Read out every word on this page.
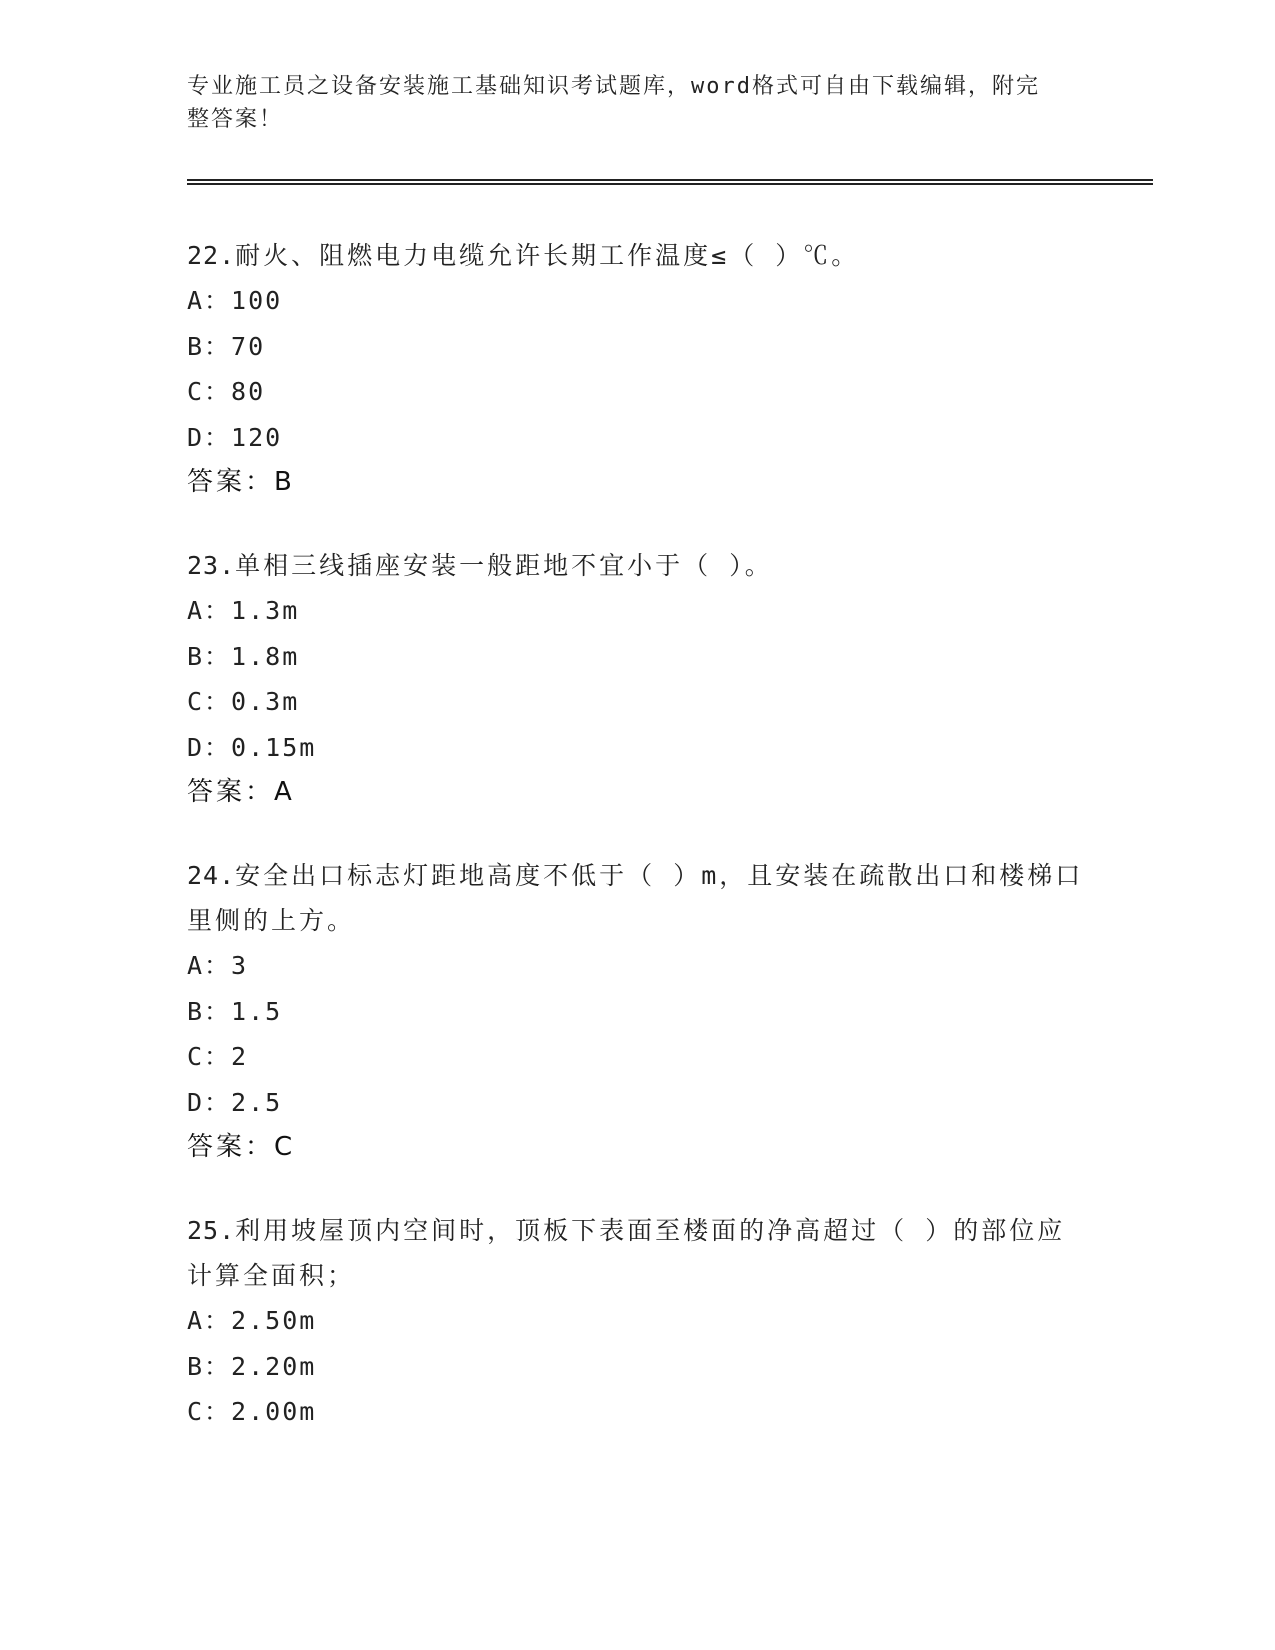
专业施工员之设备安装施工基础知识考试题库，word格式可自由下载编辑，附完
整答案！
22.耐火、阻燃电力电缆允许长期工作温度≤（ ）℃。
A：100
B：70
C：80
D：120
答案：B
23.单相三线插座安装一般距地不宜小于（ ）。
A：1.3m
B：1.8m
C：0.3m
D：0.15m
答案：A
24.安全出口标志灯距地高度不低于（ ）m，且安装在疏散出口和楼梯口里侧的上方。
A：3
B：1.5
C：2
D：2.5
答案：C
25.利用坡屋顶内空间时，顶板下表面至楼面的净高超过（ ）的部位应计算全面积；
A：2.50m
B：2.20m
C：2.00m
